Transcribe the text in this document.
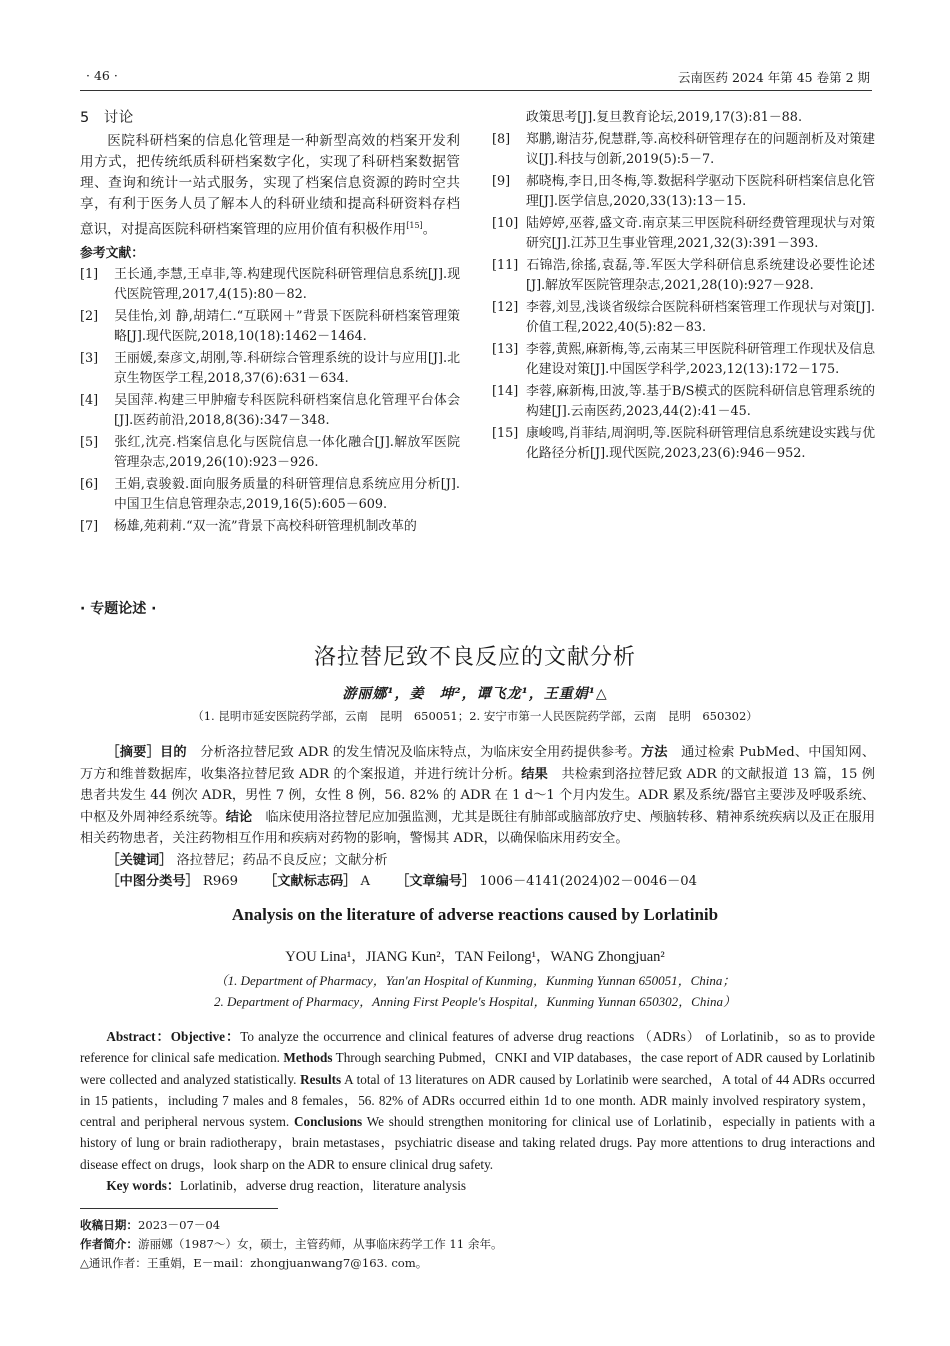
· 46 ·	云南医药 2024 年第 45 卷第 2 期
5 讨论

医院科研档案的信息化管理是一种新型高效的档案开发利用方式，把传统纸质科研档案数字化，实现了科研档案数据管理、查询和统计一站式服务，实现了档案信息资源的跨时空共享，有利于医务人员了解本人的科研业绩和提高科研资料存档意识，对提高医院科研档案管理的应用价值有积极作用[15]。

参考文献：
[1] 王长通,李慧,王卓非,等.构建现代医院科研管理信息系统[J].现代医院管理,2017,4(15):80－82.
[2] 吴佳怡,刘 静,胡靖仁.“互联网＋”背景下医院科研档案管理策略[J].现代医院,2018,10(18):1462－1464.
[3] 王丽媛,秦彦文,胡刚,等.科研综合管理系统的设计与应用[J].北京生物医学工程,2018,37(6):631－634.
[4] 吴国萍.构建三甲肿瘤专科医院科研档案信息化管理平台体会[J].医药前沿,2018,8(36):347－348.
[5] 张红,沈亮.档案信息化与医院信息一体化融合[J].解放军医院管理杂志,2019,26(10):923－926.
[6] 王娟,袁骏毅.面向服务质量的科研管理信息系统应用分析[J].中国卫生信息管理杂志,2019,16(5):605－609.
[7] 杨雄,苑莉莉.“双一流”背景下高校科研管理机制改革的
政策思考[J].复旦教育论坛,2019,17(3):81－88.
[8] 郑鹏,谢洁芬,倪慧群,等.高校科研管理存在的问题剖析及对策建议[J].科技与创新,2019(5):5－7.
[9] 郝晓梅,李日,田冬梅,等.数据科学驱动下医院科研档案信息化管理[J].医学信息,2020,33(13):13－15.
[10] 陆婷婷,巫蓉,盛文奇.南京某三甲医院科研经费管理现状与对策研究[J].江苏卫生事业管理,2021,32(3):391－393.
[11] 石锦浩,徐搖,袁磊,等.军医大学科研信息系统建设必要性论述[J].解放军医院管理杂志,2021,28(10):927－928.
[12] 李蓉,刘昱,浅谈省级综合医院科研档案管理工作现状与对策[J].价值工程,2022,40(5):82－83.
[13] 李蓉,黄熙,麻新梅,等,云南某三甲医院科研管理工作现状及信息化建设对策[J].中国医学科学,2023,12(13):172－175.
[14] 李蓉,麻新梅,田波,等.基于B/S模式的医院科研信息管理系统的构建[J].云南医药,2023,44(2):41－45.
[15] 康峻鸣,肖菲结,周润明,等.医院科研管理信息系统建设实践与优化路径分析[J].现代医院,2023,23(6):946－952.
· 专题论述 ·
洛拉替尼致不良反应的文献分析
游丽娜¹，姜　坤²，谭飞龙¹，王重娟¹△
（1. 昆明市延安医院药学部，云南　昆明　650051；2. 安宁市第一人民医院药学部，云南　昆明　650302）

［摘要］目的　 分析洛拉替尼致 ADR 的发生情况及临床特点，为临床安全用药提供参考。方法　 通过检索 PubMed、中国知网、万方和维普数据库，收集洛拉替尼致 ADR 的个案报道，并进行统计分析。结果　 共检索到洛拉替尼致 ADR 的文献报道 13 篇，15 例患者共发生 44 例次 ADR，男性 7 例，女性 8 例，56. 82% 的 ADR 在 1 d～1 个月内发生。ADR 累及系统/器官主要涉及呼吸系统、中枢及外周神经系统等。结论　 临床使用洛拉替尼应加强监测，尤其是既往有肺部或脑部放疗史、颅脑转移、精神系统疾病以及正在服用相关药物患者，关注药物相互作用和疾病对药物的影响，警惕其 ADR，以确保临床用药安全。

［关键词］ 洛拉替尼；药品不良反应；文献分析

［中图分类号］ R969 ［文献标志码］ A ［文章编号］ 1006－4141(2024)02－0046－04

Analysis on the literature of adverse reactions caused by Lorlatinib
YOU Lina¹，JIANG Kun²，TAN Feilong¹，WANG Zhongjuan²
（1. Department of Pharmacy，Yan'an Hospital of Kunming，Kunming Yunnan 650051，China；
2. Department of Pharmacy，Anning First People's Hospital，Kunming Yunnan 650302，China）

Abstract：Objective：To analyze the occurrence and clinical features of adverse drug reactions （ADRs） of Lorlatinib，so as to provide reference for clinical safe medication. Methods Through searching Pubmed，CNKI and VIP databases，the case report of ADR caused by Lorlatinib were collected and analyzed statistically. Results A total of 13 literatures on ADR caused by Lorlatinib were searched，A total of 44 ADRs occurred in 15 patients，including 7 males and 8 females，56. 82% of ADRs occurred eithin 1d to one month. ADR mainly involved respiratory system，central and peripheral nervous system. Conclusions We should strengthen monitoring for clinical use of Lorlatinib，especially in patients with a history of lung or brain radiotherapy，brain metastases，psychiatric disease and taking related drugs. Pay more attentions to drug interactions and disease effect on drugs，look sharp on the ADR to ensure clinical drug safety.

Key words：Lorlatinib，adverse drug reaction，literature analysis

收稿日期：2023－07－04

作者简介：游丽娜（1987～）女，硕士，主管药师，从事临床药学工作 11 余年。

△通讯作者：王重娟，E－mail：zhongjuanwang7@163. com。
